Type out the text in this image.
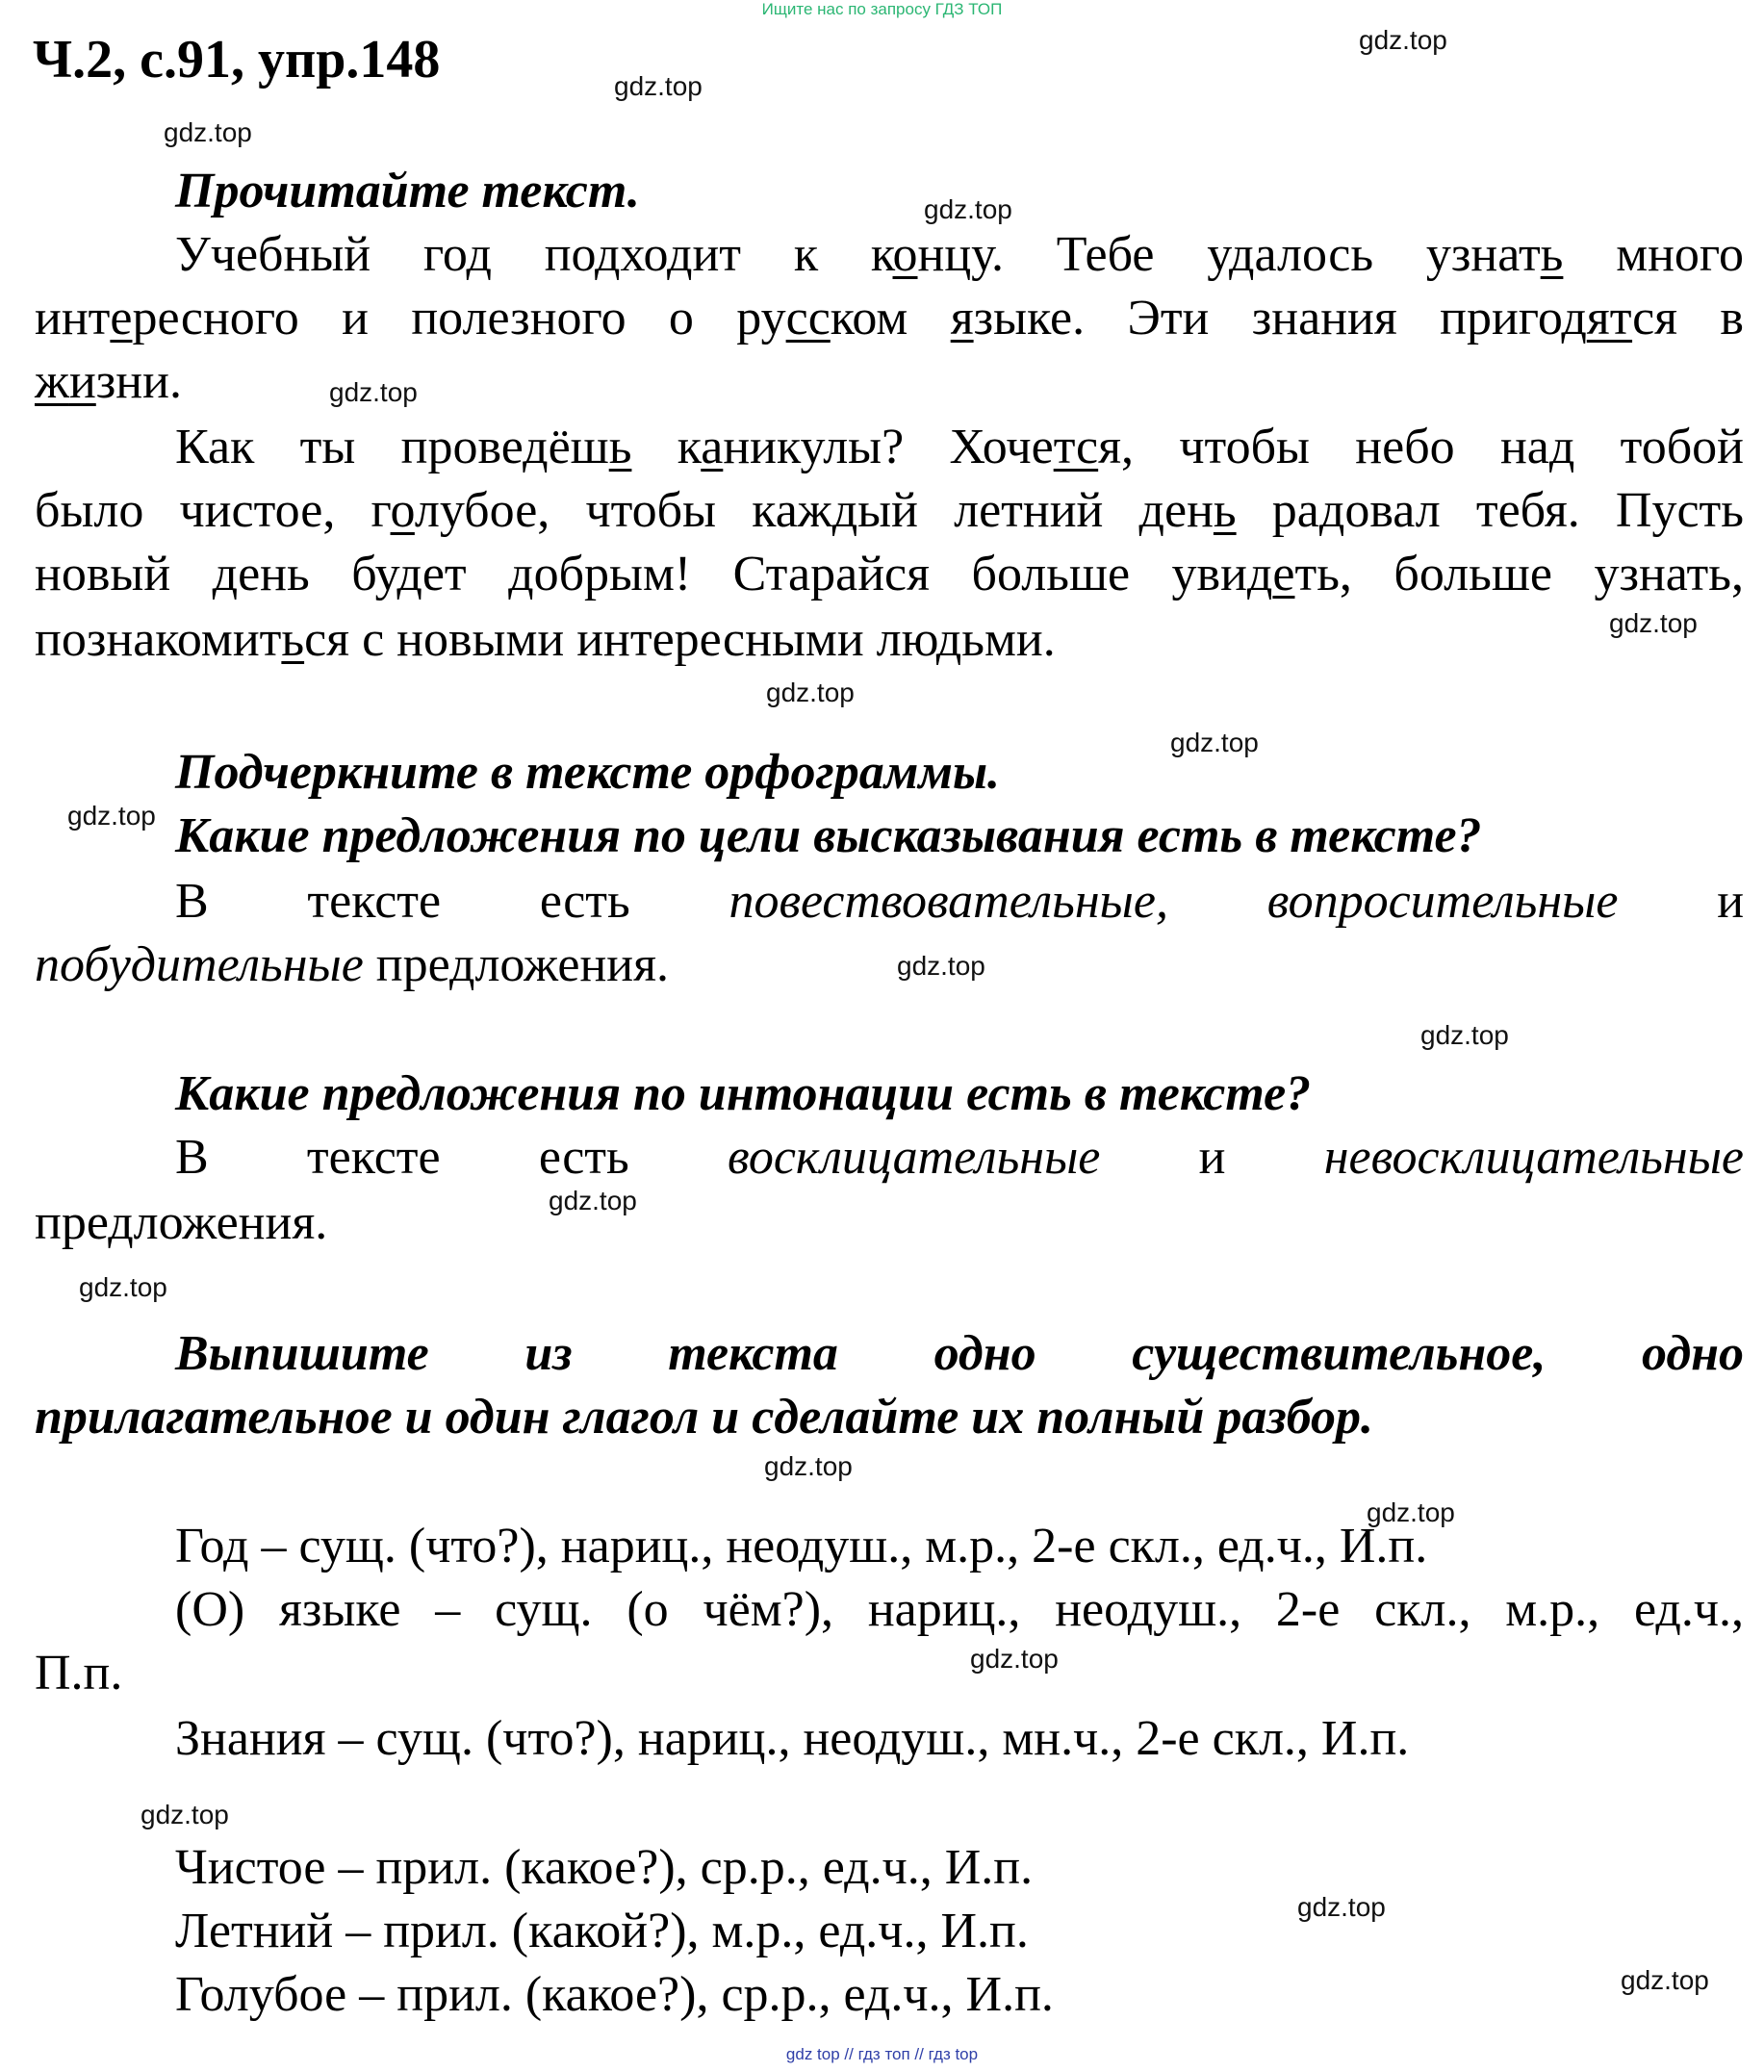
Ищите нас по запросу ГДЗ ТОП
Ч.2, с.91, упр.148	gdz.top
gdz.top
gdz.top
gdz.top
gdz.top
gdz.top
gdz.top
gdz.top
gdz.top
gdz.top
gdz.top
gdz.top
gdz.top
gdz.top
gdz.top
gdz.top
gdz.top
gdz.top
gdz.top
Прочитайте текст.
Учебный год подходит к концу. Тебе удалось узнать много
интересного и полезного о русском языке. Эти знания пригодятся в
жизни.
Как ты проведёшь каникулы? Хочется, чтобы небо над тобой
было чистое, голубое, чтобы каждый летний день радовал тебя. Пусть
новый день будет добрым! Старайся больше увидеть, больше узнать,
познакомиться с новыми интересными людьми.
Подчеркните в тексте орфограммы.
Какие предложения по цели высказывания есть в тексте?
В тексте есть повествовательные, вопросительные и
побудительные предложения.
Какие предложения по интонации есть в тексте?
В тексте есть восклицательные и невосклицательные
предложения.
Выпишите из текста одно существительное, одно
прилагательное и один глагол и сделайте их полный разбор.
Год – сущ. (что?), нариц., неодуш., м.р., 2-е скл., ед.ч., И.п.
(О) языке – сущ. (о чём?), нариц., неодуш., 2-е скл., м.р., ед.ч.,
П.п.
Знания – сущ. (что?), нариц., неодуш., мн.ч., 2-е скл., И.п.
Чистое – прил. (какое?), ср.р., ед.ч., И.п.
Летний – прил. (какой?), м.р., ед.ч., И.п.
Голубое – прил. (какое?), ср.р., ед.ч., И.п.
gdz top // гдз топ // гдз top
